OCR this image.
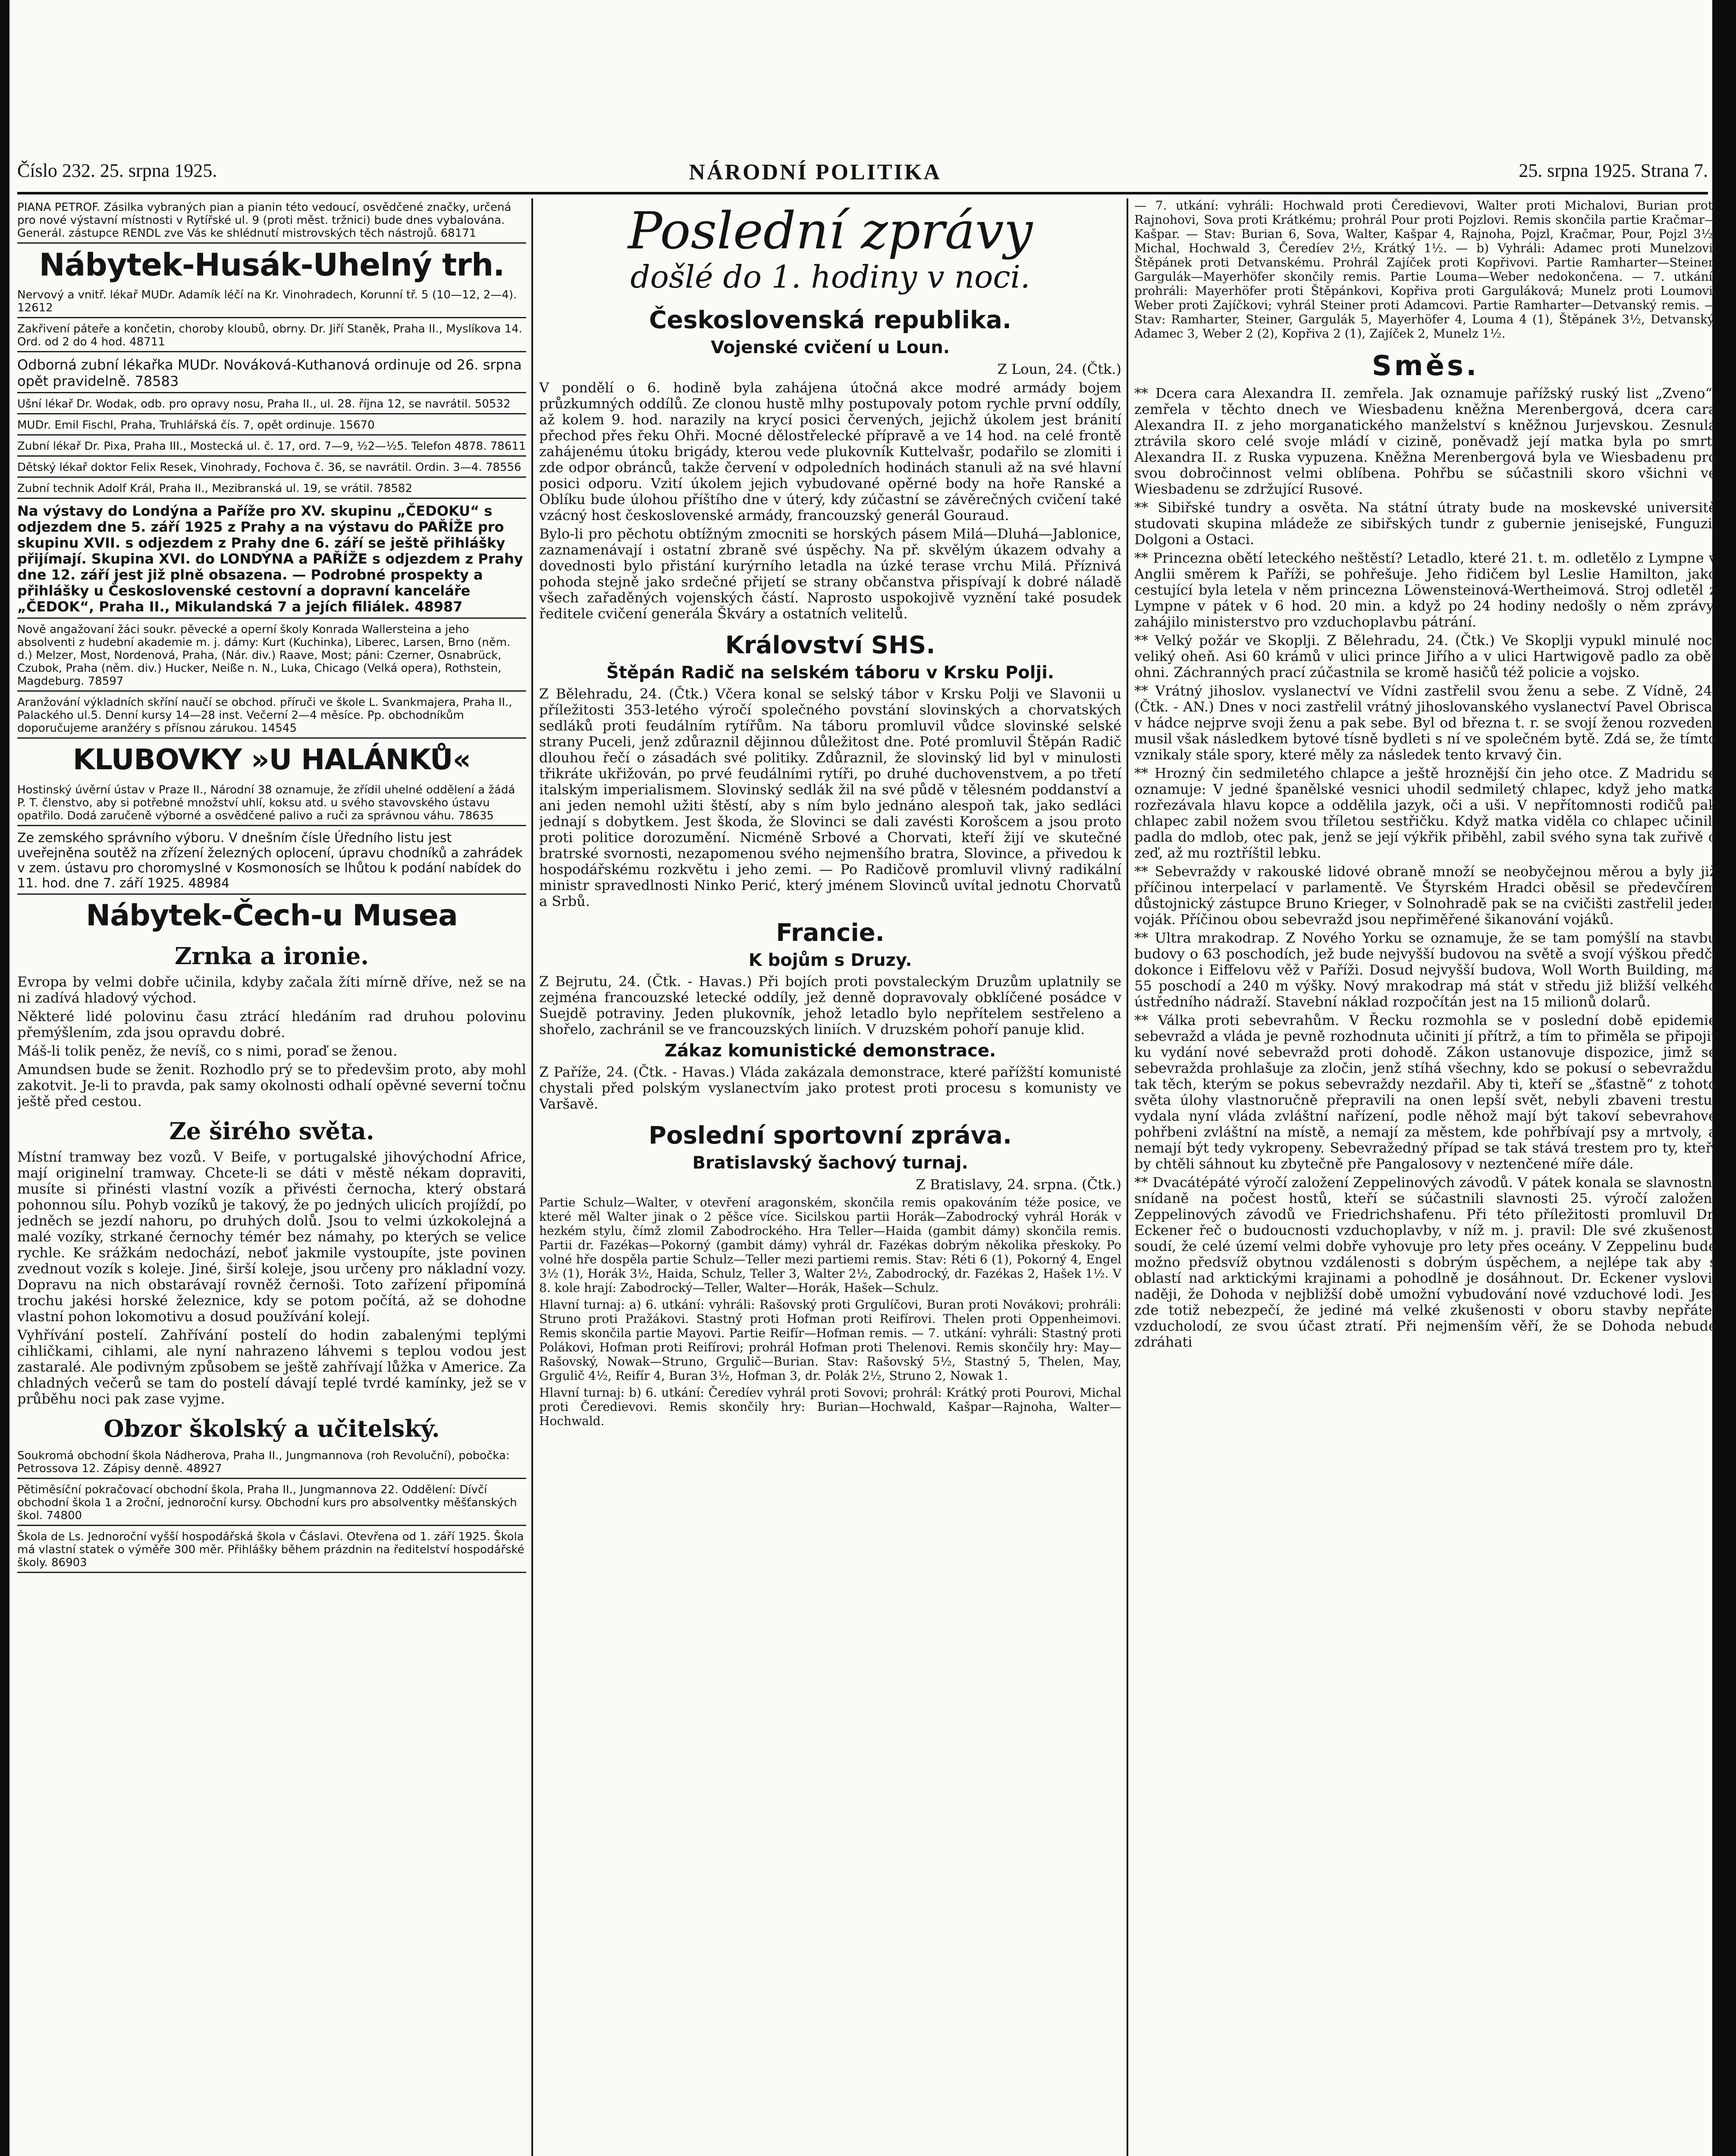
Číslo 232. 25. srpna 1925.	NÁRODNÍ POLITIKA	25. srpna 1925. Strana 7.
PIANA PETROF. Zásilka vybraných pian a pianin této vedoucí, osvědčené značky, určená pro nové výstavní místnosti v Rytířské ul. 9 (proti měst. tržnici) bude dnes vybalována. Generál. zástupce RENDL zve Vás ke shlédnutí mistrovských těch nástrojů. 68171
Nábytek-Husák-Uhelný trh.
Nervový a vnitř. lékař MUDr. Adamík léčí na Kr. Vinohradech, Korunní tř. 5 (10—12, 2—4). 12612
Zakřivení páteře a končetin, choroby kloubů, obrny. Dr. Jiří Staněk, Praha II., Myslíkova 14. Ord. od 2 do 4 hod. 48711
Odborná zubní lékařka MUDr. Nováková-Kuthanová ordinuje od 26. srpna opět pravidelně. 78583
Ušní lékař Dr. Wodak, odb. pro opravy nosu, Praha II., ul. 28. října 12, se navrátil. 50532
MUDr. Emil Fischl, Praha, Truhlářská čís. 7, opět ordinuje. 15670
Zubní lékař Dr. Pixa, Praha III., Mostecká ul. č. 17, ord. 7—9, ½2—½5. Telefon 4878. 78611
Dětský lékař doktor Felix Resek, Vinohrady, Fochova č. 36, se navrátil. Ordin. 3—4. 78556
Zubní technik Adolf Král, Praha II., Mezibranská ul. 19, se vrátil. 78582
Na výstavy do Londýna a Paříže pro XV. skupinu „ČEDOKU“ s odjezdem dne 5. září 1925 z Prahy a na výstavu do PAŘÍŽE pro skupinu XVII. s odjezdem z Prahy dne 6. září se ještě přihlášky přijímají. Skupina XVI. do LONDÝNA a PAŘÍŽE s odjezdem z Prahy dne 12. září jest již plně obsazena. — Podrobné prospekty a přihlášky u Československé cestovní a dopravní kanceláře „ČEDOK“, Praha II., Mikulandská 7 a jejích filiálek. 48987
Nově angažovaní žáci soukr. pěvecké a operní školy Konrada Wallersteina a jeho absolventi z hudební akademie m. j. dámy: Kurt (Kuchinka), Liberec, Larsen, Brno (něm. d.) Melzer, Most, Nordenová, Praha, (Nár. div.) Raave, Most; páni: Czerner, Osnabrück, Czubok, Praha (něm. div.) Hucker, Neiße n. N., Luka, Chicago (Velká opera), Rothstein, Magdeburg. 78597
Aranžování výkladních skříní naučí se obchod. příruči ve škole L. Svankmajera, Praha II., Palackého ul.5. Denní kursy 14—28 inst. Večerní 2—4 měsíce. Pp. obchodníkům doporučujeme aranžéry s přísnou zárukou. 14545
KLUBOVKY »U HALÁNKŮ«
Hostinský úvěrní ústav v Praze II., Národní 38 oznamuje, že zřídil uhelné oddělení a žádá P. T. členstvo, aby si potřebné množství uhlí, koksu atd. u svého stavovského ústavu opatřilo. Dodá zaručeně výborné a osvědčené palivo a ruči za správnou váhu. 78635
Ze zemského správního výboru. V dnešním čísle Úředního listu jest uveřejněna soutěž na zřízení železných oplocení, úpravu chodníků a zahrádek v zem. ústavu pro choromyslné v Kosmonosích se lhůtou k podání nabídek do 11. hod. dne 7. září 1925. 48984
Nábytek-Čech-u Musea
Zrnka a ironie.

Evropa by velmi dobře učinila, kdyby začala žíti mírně dříve, než se na ni zadívá hladový východ.

Některé lidé polovinu času ztrácí hledáním rad druhou polovinu přemýšlením, zda jsou opravdu dobré.

Máš-li tolik peněz, že nevíš, co s nimi, poraď se ženou.

Amundsen bude se ženit. Rozhodlo prý se to předevšim proto, aby mohl zakotvit. Je-li to pravda, pak samy okolnosti odhalí opěvné severní točnu ještě před cestou.

Ze širého světa.

Místní tramway bez vozů. V Beife, v portugalské jihovýchodní Africe, mají originelní tramway. Chcete-li se dáti v městě nékam dopraviti, musíte si přinésti vlastní vozík a přivésti černocha, který obstará pohonnou sílu. Pohyb vozíků je takový, že po jedných ulicích projíždí, po jedněch se jezdí nahoru, po druhých dolů. Jsou to velmi úzkokolejná a malé vozíky, strkané černochy témér bez námahy, po kterých se velice rychle. Ke srážkám nedochází, neboť jakmile vystoupíte, jste povinen zvednout vozík s koleje. Jiné, širší koleje, jsou určeny pro nákladní vozy. Dopravu na nich obstarávají rovněž černoši. Toto zařízení připomíná trochu jakési horské železnice, kdy se potom počítá, až se dohodne vlastní pohon lokomotivu a dosud používání kolejí.

Vyhřívání postelí. Zahřívání postelí do hodin zabalenými teplými cihličkami, cihlami, ale nyní nahrazeno láhvemi s teplou vodou jest zastaralé. Ale podivným způsobem se ještě zahřívají lůžka v Americe. Za chladných večerů se tam do postelí dávají teplé tvrdé kamínky, jež se v průběhu noci pak zase vyjme.

Obzor školský a učitelský.
Soukromá obchodní škola Nádherova, Praha II., Jungmannova (roh Revoluční), pobočka: Petrossova 12. Zápisy denně. 48927
Pětiměsíční pokračovací obchodní škola, Praha II., Jungmannova 22. Oddělení: Dívčí obchodní škola 1 a 2roční, jednoroční kursy. Obchodní kurs pro absolventky měšťanských škol. 74800
Škola de Ls. Jednoroční vyšší hospodářská škola v Čáslavi. Otevřena od 1. září 1925. Škola má vlastní statek o výměře 300 měr. Přihlášky během prázdnin na ředitelství hospodářské školy. 86903
Poslední zprávy
došlé do 1. hodiny v noci.
Československá republika.
Vojenské cvičení u Loun.
Z Loun, 24. (Čtk.)

V pondělí o 6. hodině byla zahájena útočná akce modré armády bojem průzkumných oddílů. Ze clonou hustě mlhy postupovaly potom rychle první oddíly, až kolem 9. hod. narazily na krycí posici červených, jejichž úkolem jest bránití přechod přes řeku Ohři. Mocné dělostřelecké přípravě a ve 14 hod. na celé frontě zahájenému útoku brigády, kterou vede plukovník Kuttelvašr, podařilo se zlomiti i zde odpor obránců, takže červení v odpoledních hodinách stanuli až na své hlavní posici odporu. Vzití úkolem jejich vybudované opěrné body na hoře Ranské a Oblíku bude úlohou příštího dne v úterý, kdy zúčastní se závěrečných cvičení také vzácný host československé armády, francouzský generál Gouraud.

Bylo-li pro pěchotu obtížným zmocniti se horských pásem Milá—Dluhá—Jablonice, zaznamenávají i ostatní zbraně své úspěchy. Na př. skvělým úkazem odvahy a dovednosti bylo přistání kurýrního letadla na úzké terase vrchu Milá. Příznivá pohoda stejně jako srdečné přijetí se strany občanstva přispívají k dobré náladě všech zařaděných vojenských částí. Naprosto uspokojivě vyznění také posudek ředitele cvičení generála Škváry a ostatních velitelů.

Království SHS.
Štěpán Radič na selském táboru v Krsku Polji.

Z Bělehradu, 24. (Čtk.) Včera konal se selský tábor v Krsku Polji ve Slavonii u příležitosti 353-letého výročí společného povstání slovinských a chorvatských sedláků proti feudálním rytířům. Na táboru promluvil vůdce slovinské selské strany Puceli, jenž zdůraznil dějinnou důležitost dne. Poté promluvil Štěpán Radič dlouhou řečí o zásadách své politiky. Zdůraznil, že slovinský lid byl v minulosti třikráte ukřižován, po prvé feudálními rytíři, po druhé duchovenstvem, a po třetí italským imperialismem. Slovinský sedlák žil na své půdě v tělesném poddanství a ani jeden nemohl užiti štěstí, aby s ním bylo jednáno alespoň tak, jako sedláci jednají s dobytkem. Jest škoda, že Slovinci se dali zavésti Korošcem a jsou proto proti politice dorozumění. Nicméně Srbové a Chorvati, kteří žijí ve skutečné bratrské svornosti, nezapomenou svého nejmenšího bratra, Slovince, a přivedou k hospodářskému rozkvětu i jeho zemi. — Po Radičově promluvil vlivný radikální ministr spravedlnosti Ninko Perić, který jménem Slovinců uvítal jednotu Chorvatů a Srbů.

Francie.
K bojům s Druzy.

Z Bejrutu, 24. (Čtk. - Havas.) Při bojích proti povstaleckým Druzům uplatnily se zejména francouzské letecké oddíly, jež denně dopravovaly obklíčené posádce v Suejdě potraviny. Jeden plukovník, jehož letadlo bylo nepřítelem sestřeleno a shořelo, zachránil se ve francouzských liniích. V druzském pohoří panuje klid.

Zákaz komunistické demonstrace.

Z Paříže, 24. (Čtk. - Havas.) Vláda zakázala demonstrace, které pařížští komunisté chystali před polským vyslanectvím jako protest proti procesu s komunisty ve Varšavě.

Poslední sportovní zpráva.
Bratislavský šachový turnaj.
Z Bratislavy, 24. srpna. (Čtk.)

Partie Schulz—Walter, v otevření aragonském, skončila remis opakováním téže posice, ve které měl Walter jinak o 2 pěšce více. Sicilskou partii Horák—Zabodrocký vyhrál Horák v hezkém stylu, čímž zlomil Zabodrockého. Hra Teller—Haida (gambit dámy) skončila remis. Partii dr. Fazékas—Pokorný (gambit dámy) vyhrál dr. Fazékas dobrým několika přeskoky. Po volné hře dospěla partie Schulz—Teller mezi partiemi remis. Stav: Réti 6 (1), Pokorný 4, Engel 3½ (1), Horák 3½, Haida, Schulz, Teller 3, Walter 2½, Zabodrocký, dr. Fazékas 2, Hašek 1½. V 8. kole hrají: Zabodrocký—Teller, Walter—Horák, Hašek—Schulz.

Hlavní turnaj: a) 6. utkání: vyhráli: Rašovský proti Grgulíčovi, Buran proti Novákovi; prohráli: Struno proti Pražákovi. Stastný proti Hofman proti Reifírovi. Thelen proti Oppenheimovi. Remis skončila partie Mayovi. Partie Reifír—Hofman remis. — 7. utkání: vyhráli: Stastný proti Polákovi, Hofman proti Reifírovi; prohrál Hofman proti Thelenovi. Remis skončily hry: May—Rašovský, Nowak—Struno, Grgulič—Burian. Stav: Rašovský 5½, Stastný 5, Thelen, May, Grgulič 4½, Reifír 4, Buran 3½, Hofman 3, dr. Polák 2½, Struno 2, Nowak 1.

Hlavní turnaj: b) 6. utkání: Čeredíev vyhrál proti Sovovi; prohrál: Krátký proti Pourovi, Michal proti Čeredievovi. Remis skončily hry: Burian—Hochwald, Kašpar—Rajnoha, Walter—Hochwald.

— 7. utkání: vyhráli: Hochwald proti Čeredievovi, Walter proti Michalovi, Burian proti Rajnohovi, Sova proti Krátkému; prohrál Pour proti Pojzlovi. Remis skončila partie Kračmar—Kašpar. — Stav: Burian 6, Sova, Walter, Kašpar 4, Rajnoha, Pojzl, Kračmar, Pour, Pojzl 3½, Michal, Hochwald 3, Čeredíev 2½, Krátký 1½. — b) Vyhráli: Adamec proti Munelzovi, Štěpánek proti Detvanskému. Prohrál Zajíček proti Kopřivovi. Partie Ramharter—Steiner, Gargulák—Mayerhöfer skončily remis. Partie Louma—Weber nedokončena. — 7. utkání: prohráli: Mayerhöfer proti Štěpánkovi, Kopřiva proti Garguláková; Munelz proti Loumovi, Weber proti Zajíčkovi; vyhrál Steiner proti Adamcovi. Partie Ramharter—Detvanský remis. — Stav: Ramharter, Steiner, Gargulák 5, Mayerhöfer 4, Louma 4 (1), Štěpánek 3½, Detvanský, Adamec 3, Weber 2 (2), Kopřiva 2 (1), Zajíček 2, Munelz 1½.

Směs.

** Dcera cara Alexandra II. zemřela. Jak oznamuje pařížský ruský list „Zveno“, zemřela v těchto dnech ve Wiesbadenu kněžna Merenbergová, dcera cara Alexandra II. z jeho morganatického manželství s kněžnou Jurjevskou. Zesnulá ztrávila skoro celé svoje mládí v cizině, poněvadž její matka byla po smrti Alexandra II. z Ruska vypuzena. Kněžna Merenbergová byla ve Wiesbadenu pro svou dobročinnost velmi oblíbena. Pohřbu se súčastnili skoro všichni ve Wiesbadenu se zdržující Rusové.

** Sibiřské tundry a osvěta. Na státní útraty bude na moskevské universitě studovati skupina mládeže ze sibiřských tundr z gubernie jenisejské, Funguzi, Dolgoni a Ostaci.

** Princezna obětí leteckého neštěstí? Letadlo, které 21. t. m. odletělo z Lympne v Anglii směrem k Paříži, se pohřešuje. Jeho řidičem byl Leslie Hamilton, jako cestující byla letela v něm princezna Löwensteinová-Wertheimová. Stroj odletěl z Lympne v pátek v 6 hod. 20 min. a když po 24 hodiny nedošly o něm zprávy, zahájilo ministerstvo pro vzduchoplavbu pátrání.

** Velký požár ve Skoplji. Z Bělehradu, 24. (Čtk.) Ve Skoplji vypukl minulé noci veliký oheň. Asi 60 krámů v ulici prince Jiřího a v ulici Hartwigově padlo za oběť ohni. Záchranných prací zúčastnila se kromě hasičů též policie a vojsko.

** Vrátný jihoslov. vyslanectví ve Vídni zastřelil svou ženu a sebe. Z Vídně, 24. (Čtk. - AN.) Dnes v noci zastřelil vrátný jihoslovanského vyslanectví Pavel Obriscal v hádce nejprve svoji ženu a pak sebe. Byl od března t. r. se svojí ženou rozveden, musil však následkem bytové tísně bydleti s ní ve společném bytě. Zdá se, že tímto vznikaly stále spory, které měly za následek tento krvavý čin.

** Hrozný čin sedmiletého chlapce a ještě hroznější čin jeho otce. Z Madridu se oznamuje: V jedné španělské vesnici uhodil sedmiletý chlapec, když jeho matka rozřezávala hlavu kopce a oddělila jazyk, oči a uši. V nepřítomnosti rodičů pak chlapec zabil nožem svou tříletou sestřičku. Když matka viděla co chlapec učinil, padla do mdlob, otec pak, jenž se její výkřik přiběhl, zabil svého syna tak zuřivě o zeď, až mu roztříštil lebku.

** Sebevraždy v rakouské lidové obraně množí se neobyčejnou měrou a byly již příčinou interpelací v parlamentě. Ve Štyrském Hradci oběsil se předevčírem důstojnický zástupce Bruno Krieger, v Solnohradě pak se na cvičišti zastřelil jeden voják. Příčinou obou sebevražd jsou nepřiměřené šikanování vojáků.

** Ultra mrakodrap. Z Nového Yorku se oznamuje, že se tam pomýšlí na stavbu budovy o 63 poschodích, jež bude nejvyšší budovou na světě a svojí výškou předčí dokonce i Eiffelovu věž v Paříži. Dosud nejvyšší budova, Woll Worth Building, má 55 poschodí a 240 m výšky. Nový mrakodrap má stát v středu již bližší velkého ústředního nádraží. Stavební náklad rozpočítán jest na 15 milionů dolarů.

** Válka proti sebevrahům. V Řecku rozmohla se v poslední době epidemie sebevražd a vláda je pevně rozhodnuta učiniti jí přítrž, a tím to přiměla se připojit ku vydání nové sebevražd proti dohodě. Zákon ustanovuje dispozice, jimž se sebevražda prohlašuje za zločin, jenž stíhá všechny, kdo se pokusí o sebevraždu, tak těch, kterým se pokus sebevraždy nezdařil. Aby ti, kteří se „šťastně“ z tohoto světa úlohy vlastnoručně přepravili na onen lepší svět, nebyli zbaveni trestu, vydala nyní vláda zvláštní nařízení, podle něhož mají být takoví sebevrahové pohřbeni zvláštní na místě, a nemají za městem, kde pohřbívají psy a mrtvoly, a nemají být tedy vykropeny. Sebevražedný případ se tak stává trestem pro ty, kteří by chtěli sáhnout ku zbytečně pře Pangalosovy v neztenčené míře dále.

** Dvacátépáté výročí založení Zeppelinových závodů. V pátek konala se slavnostní snídaně na počest hostů, kteří se súčastnili slavnosti 25. výročí založení Zeppelinových závodů ve Friedrichshafenu. Při této příležitosti promluvil Dr. Eckener řeč o budoucnosti vzduchoplavby, v níž m. j. pravil: Dle své zkušenosti soudí, že celé území velmi dobře vyhovuje pro lety přes oceány. V Zeppelinu bude možno předsvíž obytnou vzdálenosti s dobrým úspěchem, a nejlépe tak aby s oblastí nad arktickými krajinami a pohodlně je dosáhnout. Dr. Eckener vyslovil naději, že Dohoda v nejbližší době umožní vybudování nové vzduchové lodi. Jest zde totiž nebezpečí, že jediné má velké zkušenosti v oboru stavby nepřátel vzducholodí, ze svou účast ztratí. Při nejmenším věří, že se Dohoda nebude zdráhati
